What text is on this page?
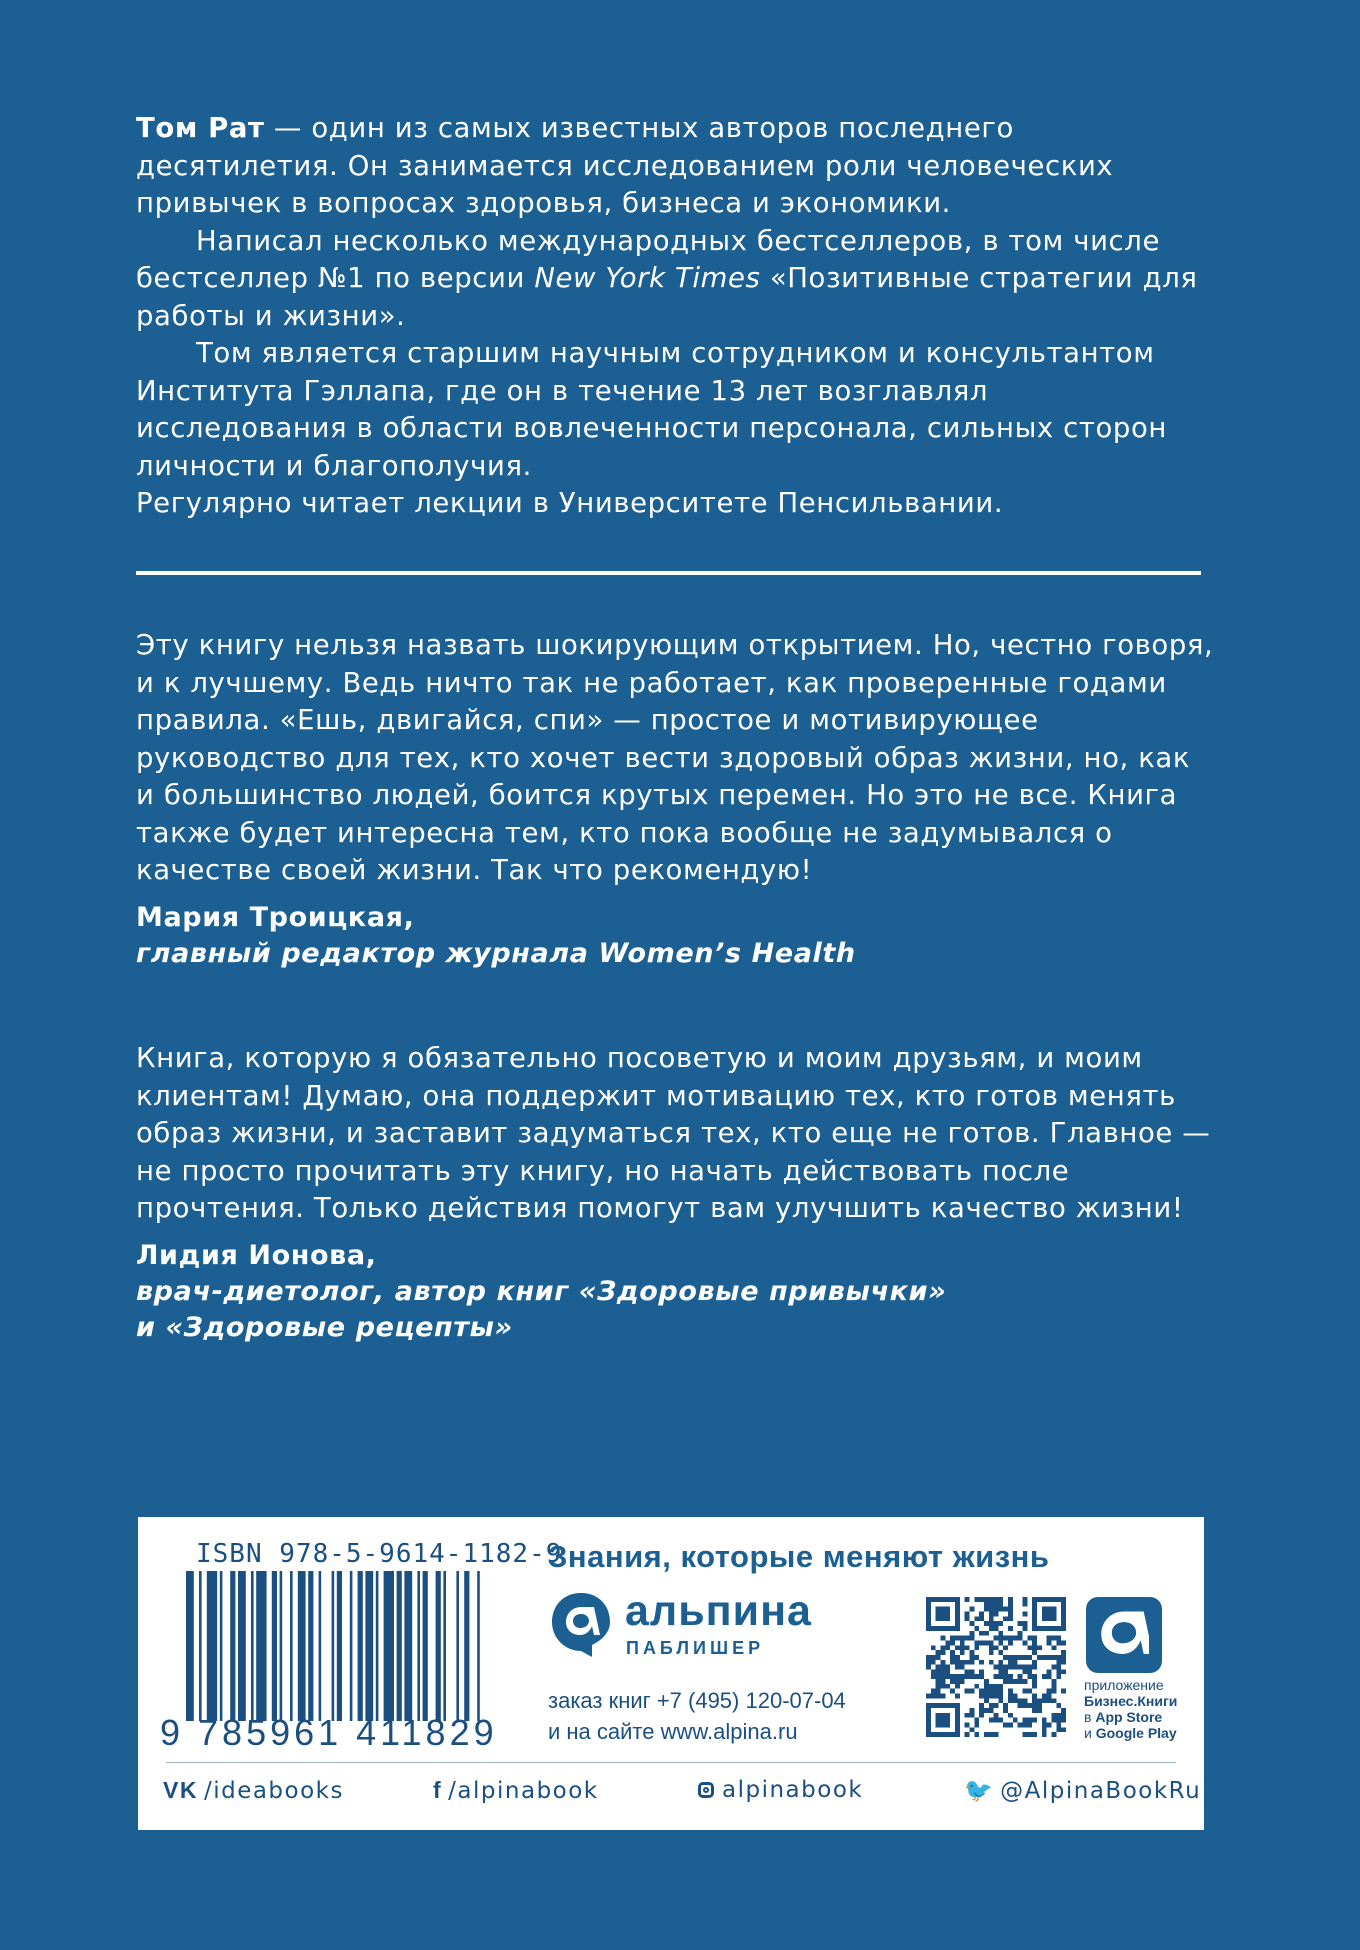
Том Рат — один из самых известных авторов последнего десятилетия. Он занимается исследованием роли человеческих привычек в вопросах здоровья, бизнеса и экономики.

Написал несколько международных бестселлеров, в том числе бестселлер №1 по версии New York Times «Позитивные стратегии для работы и жизни».

Том является старшим научным сотрудником и консультантом Института Гэллапа, где он в течение 13 лет возглавлял исследования в области вовлеченности персонала, сильных сторон личности и благополучия.

Регулярно читает лекции в Университете Пенсильвании.

Эту книгу нельзя назвать шокирующим открытием. Но, честно говоря, и к лучшему. Ведь ничто так не работает, как проверенные годами правила. «Ешь, двигайся, спи» — простое и мотивирующее руководство для тех, кто хочет вести здоровый образ жизни, но, как и большинство людей, боится крутых перемен. Но это не все. Книга также будет интересна тем, кто пока вообще не задумывался о качестве своей жизни. Так что рекомендую!

Мария Троицкая,
главный редактор журнала Women’s Health

Книга, которую я обязательно посоветую и моим друзьям, и моим клиентам! Думаю, она поддержит мотивацию тех, кто готов менять образ жизни, и заставит задуматься тех, кто еще не готов. Главное — не просто прочитать эту книгу, но начать действовать после прочтения. Только действия помогут вам улучшить качество жизни!

Лидия Ионова,
врач-диетолог, автор книг «Здоровые привычки»
и «Здоровые рецепты»
ISBN 978-5-9614-1182-9
9 785961 411829
Знания, которые меняют жизнь
альпина
ПАБЛИШЕР
заказ книг +7 (495) 120-07-04
и на сайте www.alpina.ru
приложение
Бизнес.Книги
в App Store
и Google Play
VK /ideabooks	f /alpinabook	alpinabook	🐦 @AlpinaBookRu
